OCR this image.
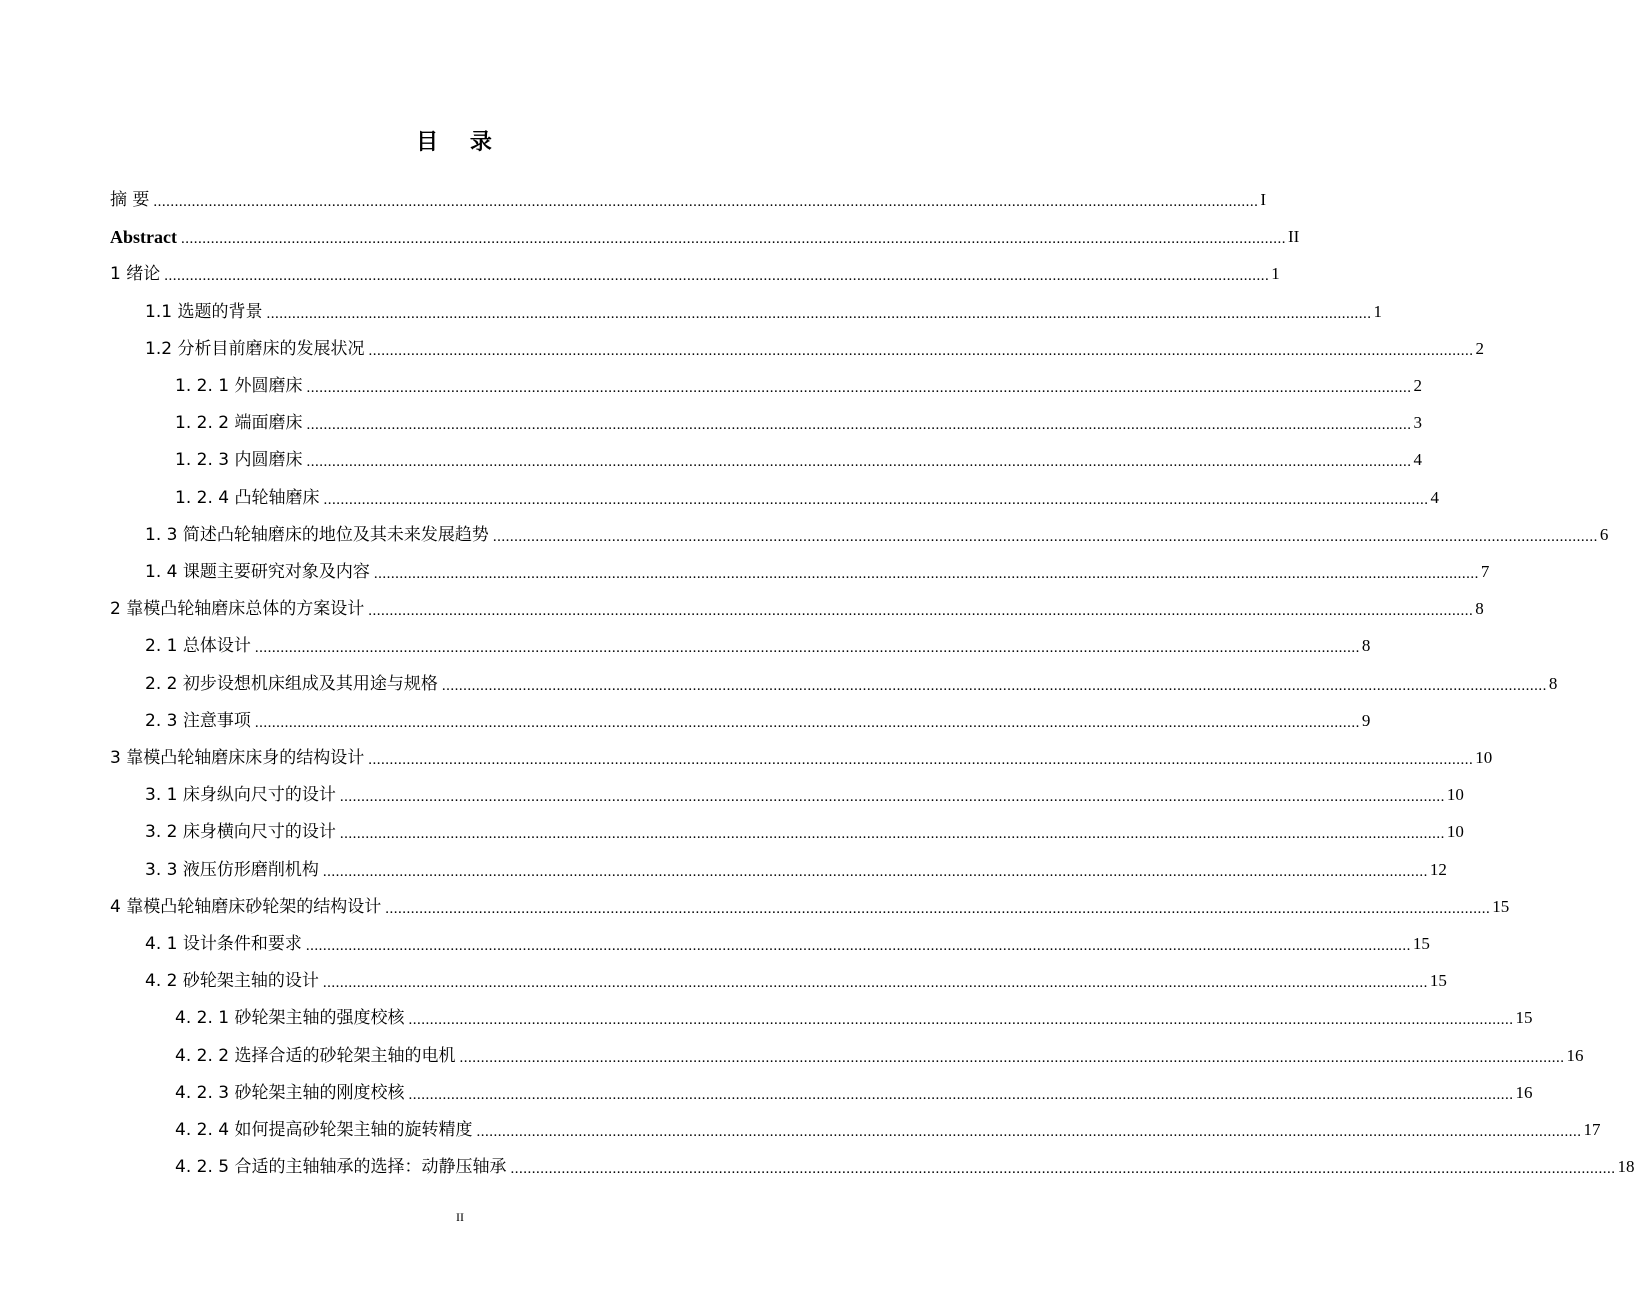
目 录
摘 要 .................................................................................................................................................................................................................................................................... I
Abstract .................................................................................................................................................................................................................................................................... II
1 绪论 .................................................................................................................................................................................................................................................................... 1
1.1 选题的背景 .................................................................................................................................................................................................................................................................... 1
1.2 分析目前磨床的发展状况 .................................................................................................................................................................................................................................................................... 2
1. 2. 1 外圆磨床 .................................................................................................................................................................................................................................................................... 2
1. 2. 2 端面磨床 .................................................................................................................................................................................................................................................................... 3
1. 2. 3 内圆磨床 .................................................................................................................................................................................................................................................................... 4
1. 2. 4 凸轮轴磨床 .................................................................................................................................................................................................................................................................... 4
1. 3 简述凸轮轴磨床的地位及其未来发展趋势 .................................................................................................................................................................................................................................................................... 6
1. 4 课题主要研究对象及内容 .................................................................................................................................................................................................................................................................... 7
2 靠模凸轮轴磨床总体的方案设计 .................................................................................................................................................................................................................................................................... 8
2. 1 总体设计 .................................................................................................................................................................................................................................................................... 8
2. 2 初步设想机床组成及其用途与规格 .................................................................................................................................................................................................................................................................... 8
2. 3 注意事项 .................................................................................................................................................................................................................................................................... 9
3 靠模凸轮轴磨床床身的结构设计 .................................................................................................................................................................................................................................................................... 10
3. 1 床身纵向尺寸的设计 .................................................................................................................................................................................................................................................................... 10
3. 2 床身横向尺寸的设计 .................................................................................................................................................................................................................................................................... 10
3. 3 液压仿形磨削机构 .................................................................................................................................................................................................................................................................... 12
4 靠模凸轮轴磨床砂轮架的结构设计 .................................................................................................................................................................................................................................................................... 15
4. 1 设计条件和要求 .................................................................................................................................................................................................................................................................... 15
4. 2 砂轮架主轴的设计 .................................................................................................................................................................................................................................................................... 15
4. 2. 1 砂轮架主轴的强度校核 .................................................................................................................................................................................................................................................................... 15
4. 2. 2 选择合适的砂轮架主轴的电机 .................................................................................................................................................................................................................................................................... 16
4. 2. 3 砂轮架主轴的刚度校核 .................................................................................................................................................................................................................................................................... 16
4. 2. 4 如何提高砂轮架主轴的旋转精度 .................................................................................................................................................................................................................................................................... 17
4. 2. 5 合适的主轴轴承的选择：动静压轴承 .................................................................................................................................................................................................................................................................... 18
II
